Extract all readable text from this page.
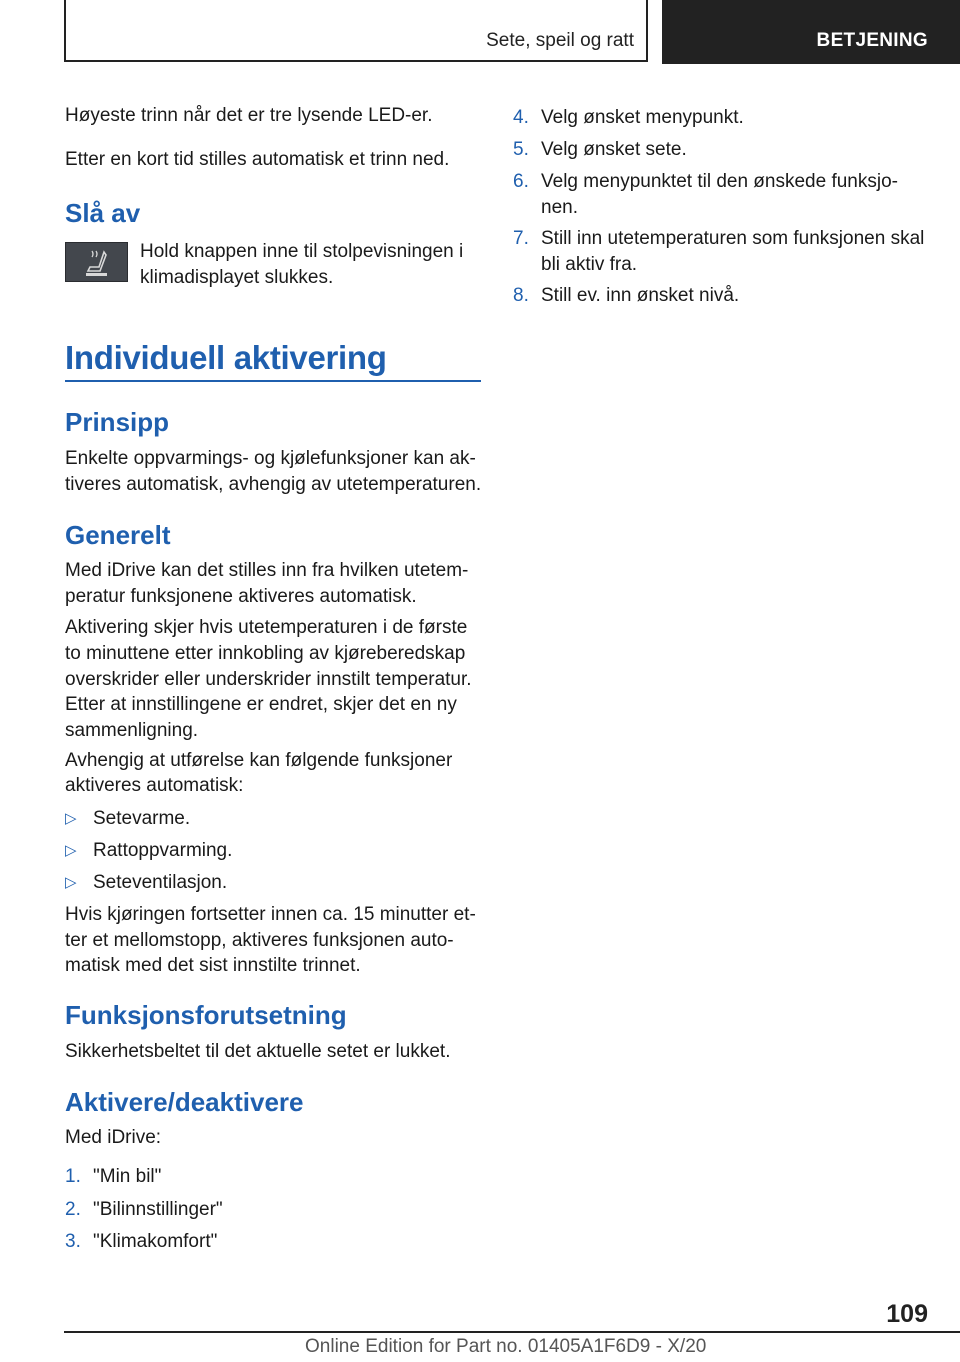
Sete, speil og ratt	BETJENING

Høyeste trinn når det er tre lysende LED-er.

Etter en kort tid stilles automatisk et trinn ned.

Slå av

Hold knappen inne til stolpevisningen i

klimadisplayet slukkes.

Individuell aktivering
Prinsipp

Enkelte oppvarmings- og kjølefunksjoner kan ak-

tiveres automatisk, avhengig av utetemperaturen.

Generelt

Med iDrive kan det stilles inn fra hvilken utetem-

peratur funksjonene aktiveres automatisk.

Aktivering skjer hvis utetemperaturen i de første

to minuttene etter innkobling av kjørеberedskap

overskrider eller underskrider innstilt temperatur.

Etter at innstillingene er endret, skjer det en ny

sammenligning.

Avhengig at utførelse kan følgende funksjoner

aktiveres automatisk:

▷ Setevarme.
▷ Rattoppvarming.
▷ Seteventilasjon.

Hvis kjøringen fortsetter innen ca. 15 minutter et-

ter et mellomstopp, aktiveres funksjonen auto-

matisk med det sist innstilte trinnet.

Funksjonsforutsetning

Sikkerhetsbeltet til det aktuelle setet er lukket.

Aktivere/deaktivere

Med iDrive:

1. "Min bil"
2. "Bilinnstillinger"
3. "Klimakomfort"
4. Velg ønsket menypunkt.
5. Velg ønsket sete.
6. Velg menypunktet til den ønskede funksjo-

nen.

7. Still inn utetemperaturen som funksjonen skal

bli aktiv fra.

8. Still ev. inn ønsket nivå.
109
Online Edition for Part no. 01405A1F6D9 - X/20
